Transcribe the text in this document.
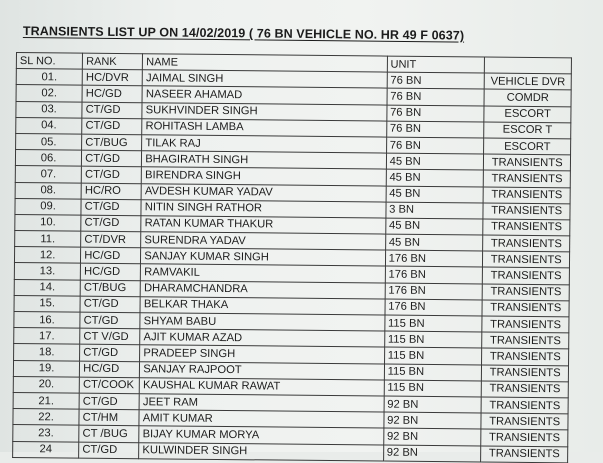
TRANSIENTS LIST UP ON 14/02/2019 ( 76 BN VEHICLE NO. HR 49 F 0637)
SL NO.	RANK	NAME	UNIT	
01.	HC/DVR	JAIMAL SINGH	76 BN	VEHICLE DVR
02.	HC/GD	NASEER AHAMAD	76 BN	COMDR
03.	CT/GD	SUKHVINDER SINGH	76 BN	ESCORT
04.	CT/GD	ROHITASH LAMBA	76 BN	ESCOR T
05.	CT/BUG	TILAK RAJ	76 BN	ESCORT
06.	CT/GD	BHAGIRATH SINGH	45 BN	TRANSIENTS
07.	CT/GD	BIRENDRA SINGH	45 BN	TRANSIENTS
08.	HC/RO	AVDESH KUMAR YADAV	45 BN	TRANSIENTS
09.	CT/GD	NITIN SINGH RATHOR	3 BN	TRANSIENTS
10.	CT/GD	RATAN KUMAR THAKUR	45 BN	TRANSIENTS
11.	CT/DVR	SURENDRA YADAV	45 BN	TRANSIENTS
12.	HC/GD	SANJAY KUMAR SINGH	176 BN	TRANSIENTS
13.	HC/GD	RAMVAKIL	176 BN	TRANSIENTS
14.	CT/BUG	DHARAMCHANDRA	176 BN	TRANSIENTS
15.	CT/GD	BELKAR THAKA	176 BN	TRANSIENTS
16.	CT/GD	SHYAM BABU	115 BN	TRANSIENTS
17.	CT V/GD	AJIT KUMAR AZAD	115 BN	TRANSIENTS
18.	CT/GD	PRADEEP SINGH	115 BN	TRANSIENTS
19.	HC/GD	SANJAY RAJPOOT	115 BN	TRANSIENTS
20.	CT/COOK	KAUSHAL KUMAR RAWAT	115 BN	TRANSIENTS
21.	CT/GD	JEET RAM	92 BN	TRANSIENTS
22.	CT/HM	AMIT KUMAR	92 BN	TRANSIENTS
23.	CT /BUG	BIJAY KUMAR MORYA	92 BN	TRANSIENTS
24	CT/GD	KULWINDER SINGH	92 BN	TRANSIENTS
